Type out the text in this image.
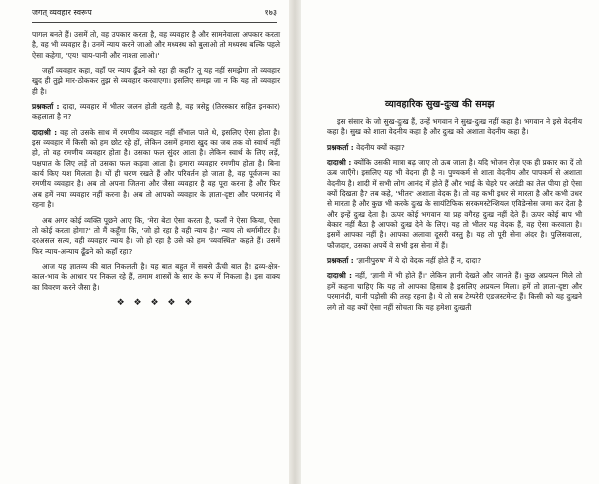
जगत् व्यवहार स्वरूप	१७३

पागल बनते हैं। उसमें तो, वह उपकार करता है, वह व्यवहार है और सामनेवाला अपकार करता है, वह भी व्यवहार है। उनमें न्याय करने जाओ और मध्यस्थ को बुलाओ तो मध्यस्थ बल्कि पहले ऐसा कहेगा, 'एय! चाय-पानी और नाश्ता लाओ।'

जहाँ व्यवहार कहा, वहाँ पर न्याय ढूँढने को रहा ही कहाँ? तू यह नहीं समझेगा तो व्यवहार खुद ही तुझे मार-ठोककर तुझ से व्यवहार करवाएगा। इसलिए समझ जा न कि यह तो व्यवहार ही है।

प्रश्नकर्ता : दादा, व्यवहार में भीतर जलन होती रहती है, वह त्रसेट्ठ (तिरस्कार सहित इनकार) कहलाता है न?

दादाश्री : वह तो उसके साथ में रमणीय व्यवहार नहीं सँभाल पाते थे, इसलिए ऐसा होता है। इस व्यवहार में किसी को हम छोट रहे हों, लेकिन उसमें हमारा खुद का जब तक वो स्वार्थ नहीं हो, तो वह रमणीय व्यवहार होता है। उसका फल सुंदर आता है। लेकिन स्वार्थ के लिए लड़ें, पक्षपात के लिए लड़ें तो उसका फल कड़वा आता है। हमारा व्यवहार रमणीय होता है। बिना कार्य किए यश मिलता है। यों ही चरण रखते हैं और परिवर्तन हो जाता है, वह पूर्वजन्म का रमणीय व्यवहार है। अब तो अपना जितना और जैसा व्यवहार है वह पूरा करना है और फिर अब हमें नया व्यवहार नहीं करना है। अब तो आपको व्यवहार के ज्ञाता-दृष्टा और परमानंद में रहना है।

अब अगर कोई व्यक्ति पूछने आए कि, 'मेरा बेटा ऐसा करता है, फलाँ ने ऐसा किया, ऐसा तो कोई करता होगा?' तो मैं कहूँगा कि, 'जो हो रहा है वही न्याय है।' न्याय तो थर्मामीटर है। दरअसल सत्य, वही व्यवहार न्याय है। जो हो रहा है उसे को हम 'व्यवस्थित' कहते हैं। उसमें फिर न्याय-अन्याय ढूँढने को कहाँ रहा?

आज यह ज्ञातव्य की बात निकलती है। यह बात बहुत में सबसे ऊँची बात है! द्रव्य-क्षेत्र-काल-भाव के आधार पर निकल रहे हैं, तमाम शास्त्रों के सार के रूप में निकला है। इस वाक्य का विवरण करने जैसा है।

❖ ❖ ❖ ❖ ❖
व्यावहारिक सुख-दुःख की समझ

इस संसार के जो सुख-दुःख हैं, उन्हें भगवान ने सुख-दुःख नहीं कहा है। भगवान ने इसे वेदनीय कहा है। सुख को शाता वेदनीय कहा है और दुःख को अशाता वेदनीय कहा है।

प्रश्नकर्ता : वेदनीय क्यों कहा?

दादाश्री : क्योंकि उसकी मात्रा बढ़ जाए तो ऊब जाता है। यदि भोजन रोज़ एक ही प्रकार का दें तो ऊब जाएँगे। इसलिए यह भी वेदना ही है न। पुण्यकर्म से शाता वेदनीय और पापकर्म से अशाता वेदनीय है। शादी में सभी लोग आनंद में होते हैं और भाई के चेहरे पर अरंडी का तेल पीया हो ऐसा क्यों दिखता है? तब कहे, 'भीतर' अशाता वेदक है। तो वह कभी इधर से मारता है और कभी उधर से मारता है और कुछ भी करके दुःख के सायंटिफिक सरकमस्टेन्शियल एविडेन्सेस जमा कर देता है और इन्हें दुःख देता है। ऊपर कोई भगवान या प्रह वगैरह दुःख नहीं देते हैं। ऊपर कोई बाप भी बेकार नहीं बैठा है आपको दुःख देने के लिए। यह तो भीतर यह वेदक हैं, वह ऐसा करवाता है। इसमें आपका नहीं है। आपका अलावा दूसरी वस्तु है। यह तो पूरी सेना अंदर है। पुलिसवाला, फौजदार, उसका अपर्ये वे सभी इस सेना में हैं।

प्रश्नकर्ता : 'ज्ञानीपुरुष' में ये दो वेदक नहीं होते हैं न, दादा?

दादाश्री : नहीं, 'ज्ञानी में भी होते हैं।' लेकिन ज्ञानी देखते और जानते हैं। कुछ अप्रयत्न मिले तो हमें कहना चाहिए कि यह तो आपका हिसाब है इसलिए अप्रयत्न मिला। हमें तो ज्ञाता-दृष्टा और परमानंदी, यानी पड़ोसी की तरह रहना है। ये तो सब टेम्परेरी एडजस्टमेन्ट हैं। किसी को यह दुःखने लगे तो वह क्यों ऐसा नहीं सोचता कि यह हमेशा दुःखती
